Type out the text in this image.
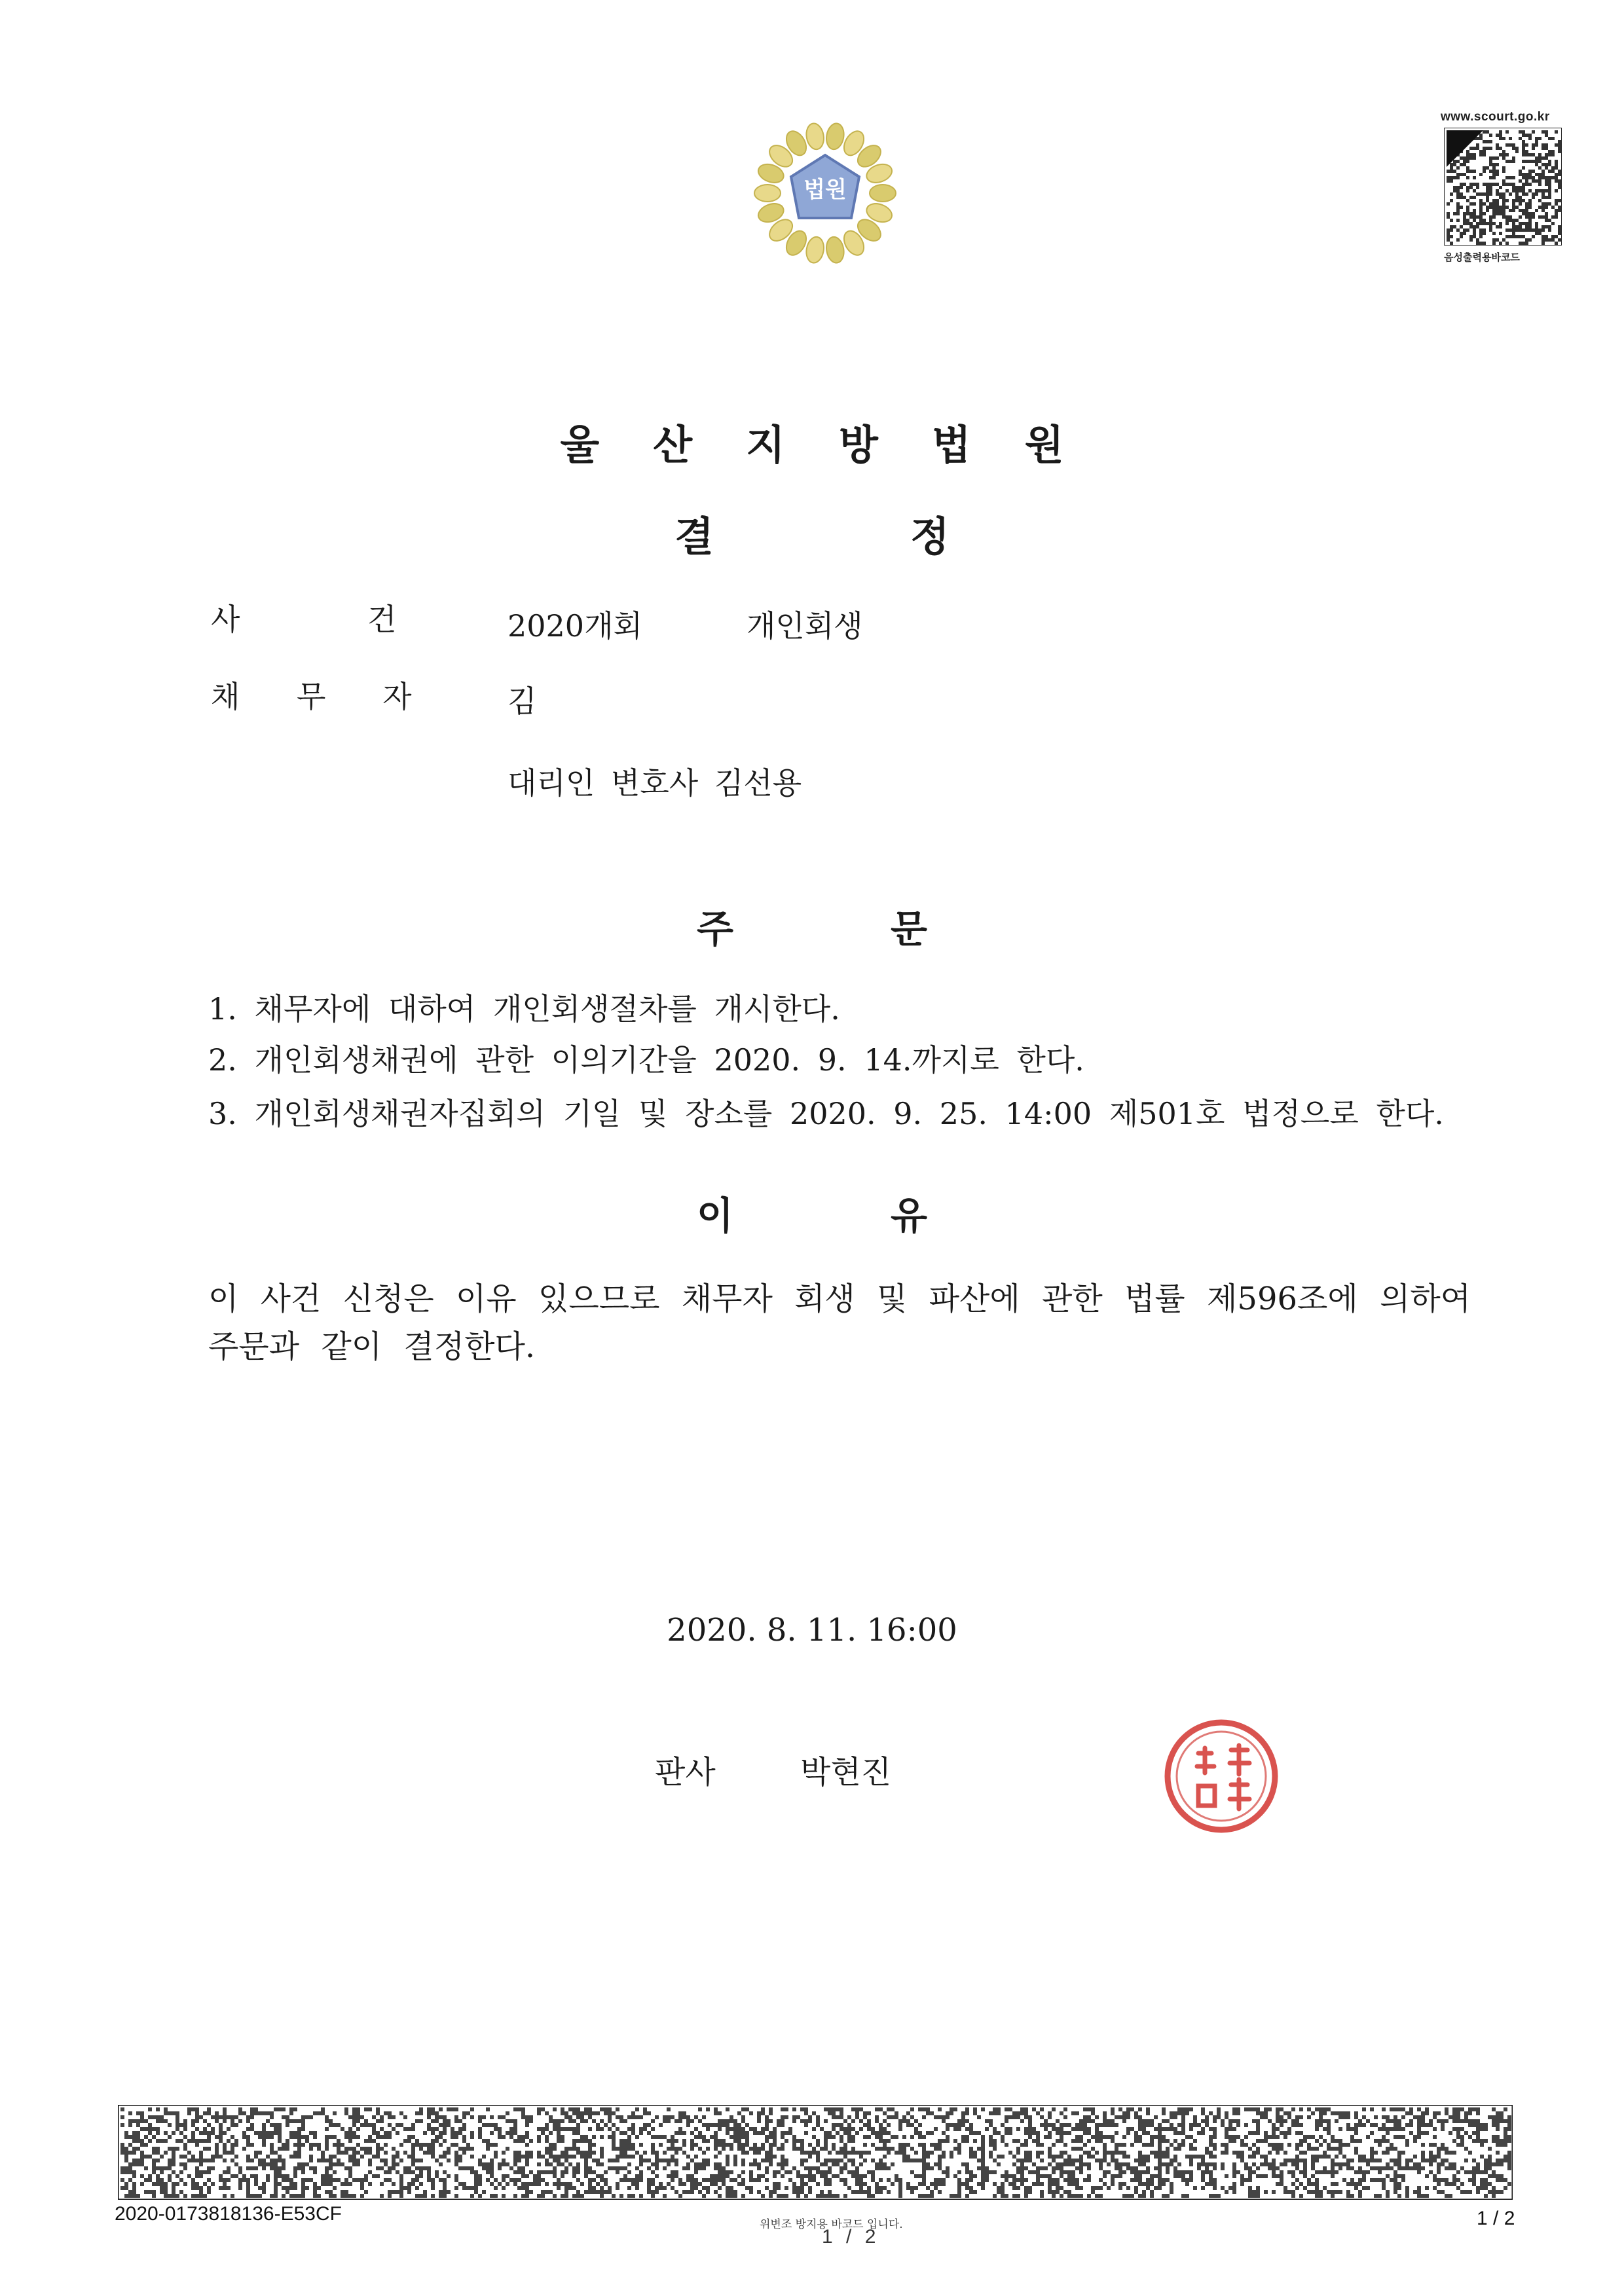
법원
www.scourt.go.kr
음성출력용바코드
울산지방법원
결정
사 건	2020개회	개인회생
채 무 자	김
대리인 변호사 김선용
주문
1. 채무자에 대하여 개인회생절차를 개시한다.
2. 개인회생채권에 관한 이의기간을 2020. 9. 14.까지로 한다.
3. 개인회생채권자집회의 기일 및 장소를 2020. 9. 25. 14:00 제501호 법정으로 한다.
이유
이 사건 신청은 이유 있으므로 채무자 회생 및 파산에 관한 법률 제596조에 의하여
주문과 같이 결정한다.
2020. 8. 11. 16:00
판사	박현진
2020-0173818136-E53CF	위변조 방지용 바코드 입니다.
1 / 2
1 / 2
